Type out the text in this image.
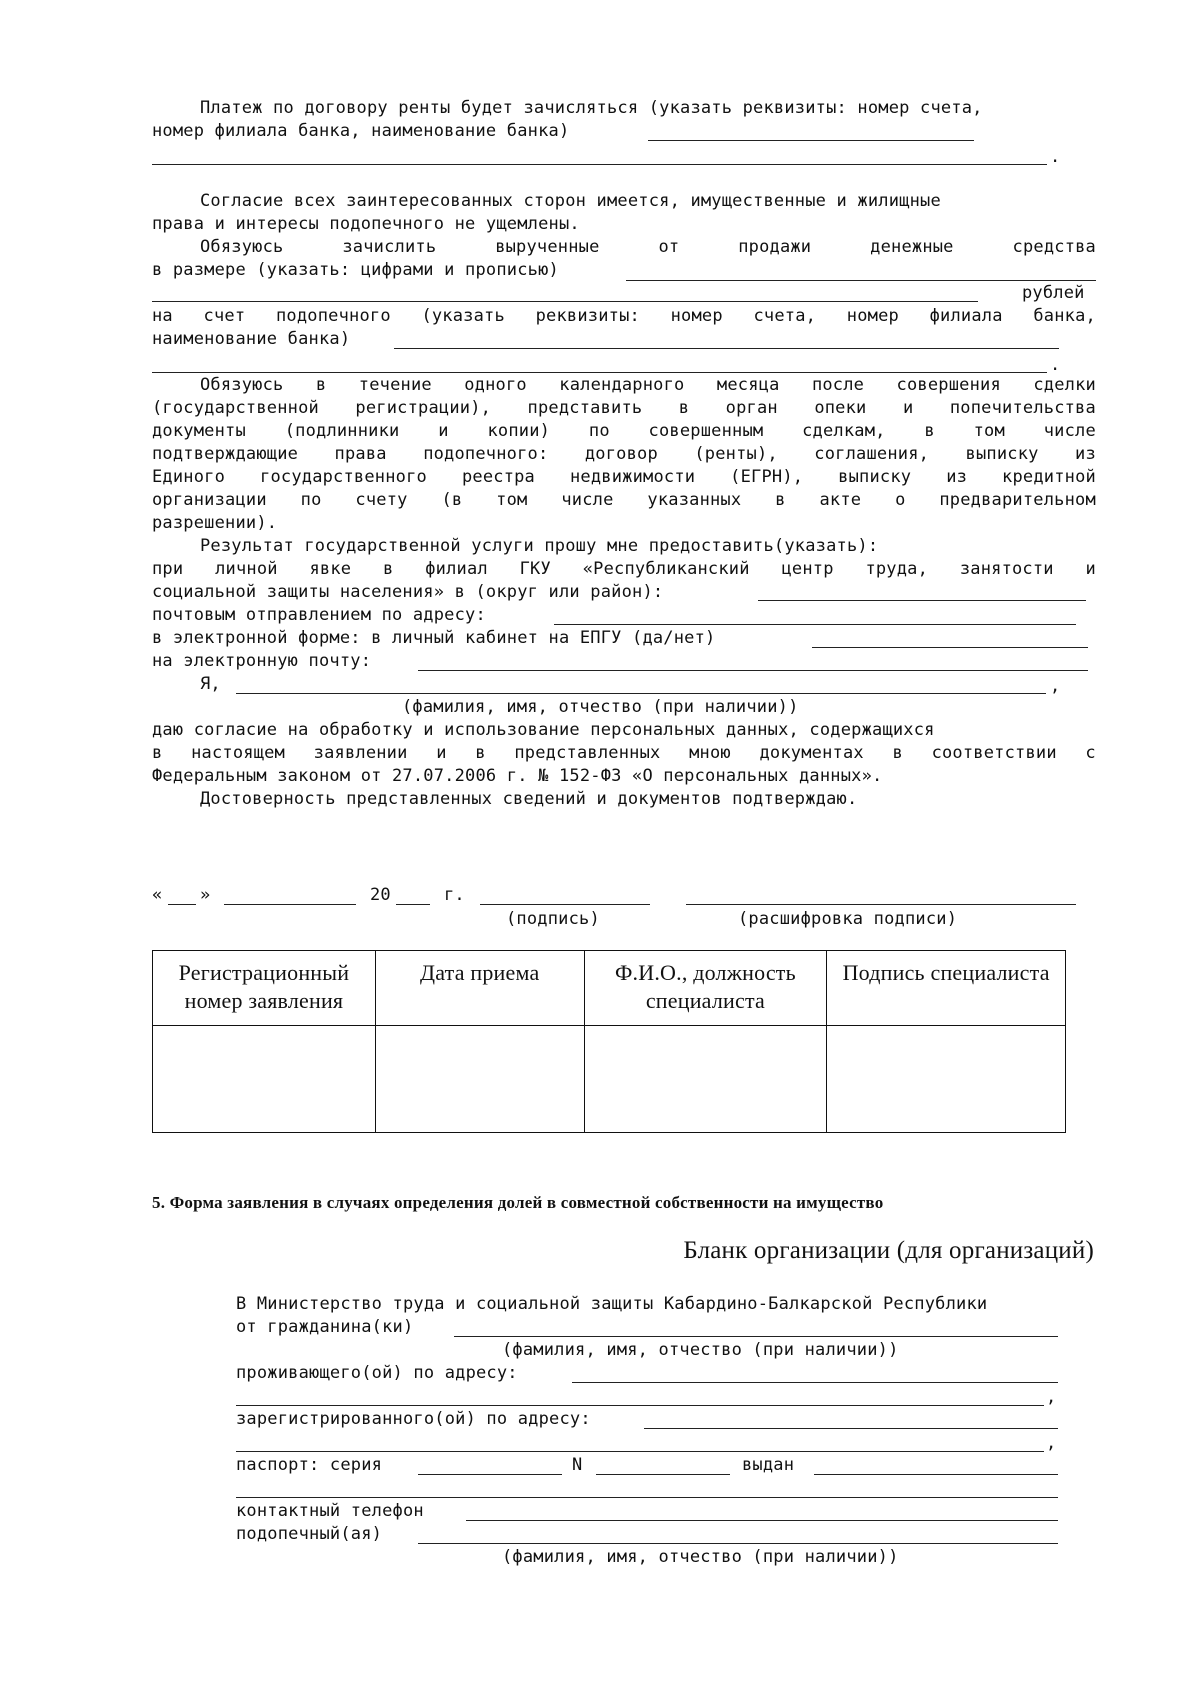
Платеж по договору ренты будет зачисляться (указать реквизиты: номер счета,
номер филиала банка, наименование банка)
.
Согласие всех заинтересованных сторон имеется, имущественные и жилищные
права и интересы подопечного не ущемлены.
Обязуюсь	зачислить	вырученные	от	продажи	денежные	средства
в размере (указать: цифрами и прописью)
рублей
на счет подопечного (указать реквизиты: номер счета, номер филиала банка,
наименование банка)
.
Обязуюсь в течение одного календарного месяца после совершения сделки
(государственной регистрации), представить в орган опеки и попечительства
документы (подлинники и копии) по совершенным сделкам, в том числе
подтверждающие права подопечного: договор (ренты), соглашения, выписку из
Единого государственного реестра недвижимости (ЕГРН), выписку из кредитной
организации по счету (в том числе указанных в акте о предварительном
разрешении).
Результат государственной услуги прошу мне предоставить(указать):
при личной явке в филиал ГКУ «Республиканский центр труда, занятости и
социальной защиты населения» в (округ или район):
почтовым отправлением по адресу:
в электронной форме: в личный кабинет на ЕПГУ (да/нет)
на электронную почту:
Я,	,
(фамилия, имя, отчество (при наличии))
даю согласие на обработку и использование персональных данных, содержащихся
в настоящем заявлении и в представленных мною документах в соответствии с
Федеральным законом от 27.07.2006 г. № 152-ФЗ «О персональных данных».
Достоверность представленных сведений и документов подтверждаю.
« »	20	г.
(подпись)	(расшифровка подписи)
Регистрационный номер заявления	Дата приема	Ф.И.О., должность специалиста	Подпись специалиста

5. Форма заявления в случаях определения долей в совместной собственности на имущество
Бланк организации (для организаций)
В Министерство труда и социальной защиты Кабардино-Балкарской Республики
от гражданина(ки)
(фамилия, имя, отчество (при наличии))
проживающего(ой) по адресу:
,
зарегистрированного(ой) по адресу:
,
паспорт: серия	N	выдан
контактный телефон
подопечный(ая)
(фамилия, имя, отчество (при наличии))
